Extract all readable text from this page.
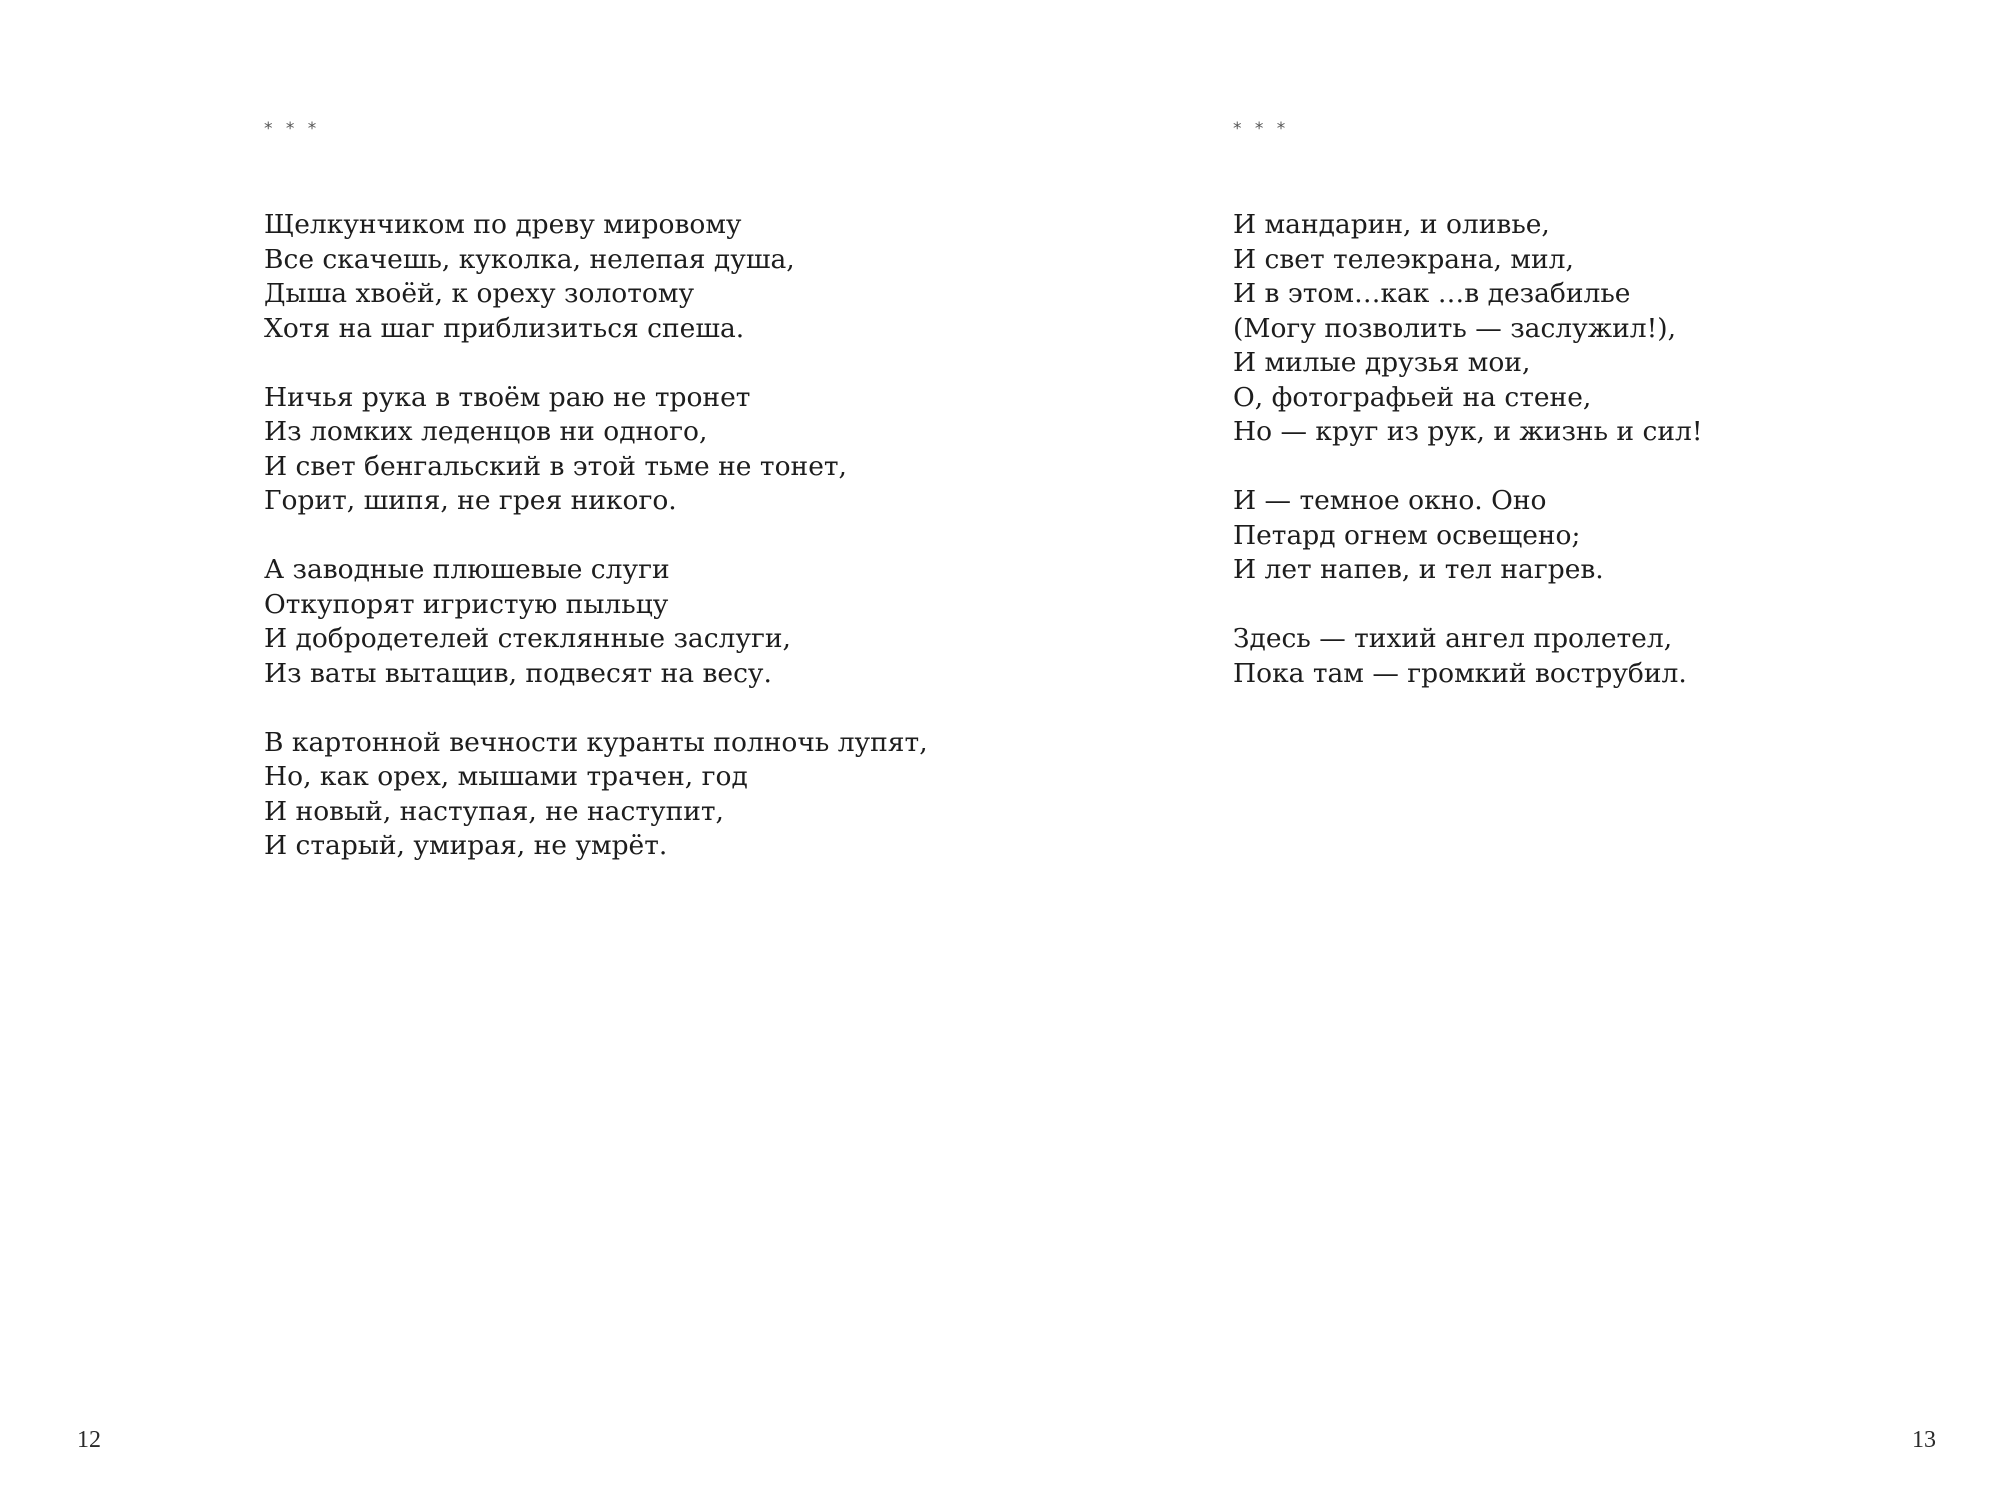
* * *
Щелкунчиком по древу мировому
Все скачешь, куколка, нелепая душа,
Дыша хвоёй, к ореху золотому
Хотя на шаг приблизиться спеша.
Ничья рука в твоём раю не тронет
Из ломких леденцов ни одного,
И свет бенгальский в этой тьме не тонет,
Горит, шипя, не грея никого.
А заводные плюшевые слуги
Откупорят игристую пыльцу
И добродетелей стеклянные заслуги,
Из ваты вытащив, подвесят на весу.
В картонной вечности куранты полночь лупят,
Но, как орех, мышами трачен, год
И новый, наступая, не наступит,
И старый, умирая, не умрёт.
12
* * *
И мандарин, и оливье,
И свет телеэкрана, мил,
И в этом…как …в дезабилье
(Могу позволить — заслужил!),
И милые друзья мои,
О, фотографьей на стене,
Но — круг из рук, и жизнь и сил!
И — темное окно. Оно
Петард огнем освещено;
И лет напев, и тел нагрев.
Здесь — тихий ангел пролетел,
Пока там — громкий вострубил.
13
